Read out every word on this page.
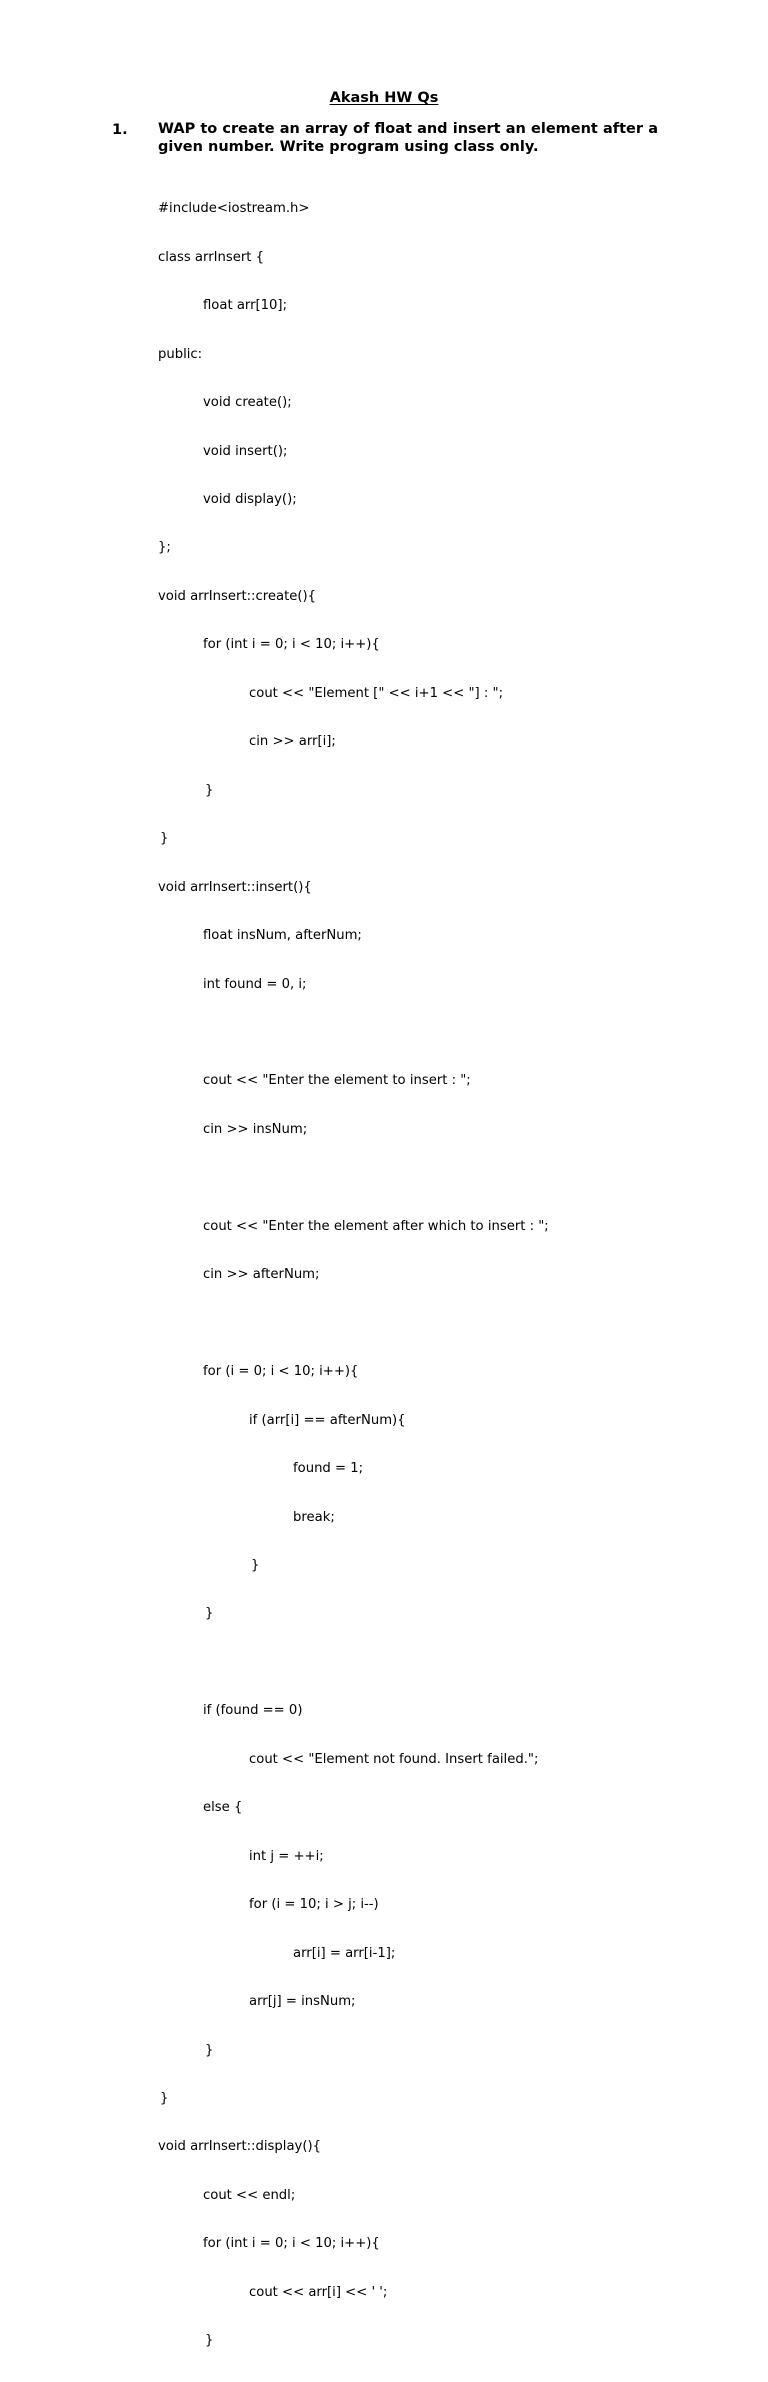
Akash HW Qs
1. WAP to create an array of float and insert an element after a
given number. Write program using class only.

#include<iostream.h>

class arrInsert {

float arr[10];

public:

void create();

void insert();

void display();

};

void arrInsert::create(){

for (int i = 0; i < 10; i++){

cout << "Element [" << i+1 << "] : ";

cin >> arr[i];

}

}

void arrInsert::insert(){

float insNum, afterNum;

int found = 0, i;

cout << "Enter the element to insert : ";

cin >> insNum;

cout << "Enter the element after which to insert : ";

cin >> afterNum;

for (i = 0; i < 10; i++){

if (arr[i] == afterNum){

found = 1;

break;

}

}

if (found == 0)

cout << "Element not found. Insert failed.";

else {

int j = ++i;

for (i = 10; i > j; i--)

arr[i] = arr[i-1];

arr[j] = insNum;

}

}

void arrInsert::display(){

cout << endl;

for (int i = 0; i < 10; i++){

cout << arr[i] << ' ';

}
